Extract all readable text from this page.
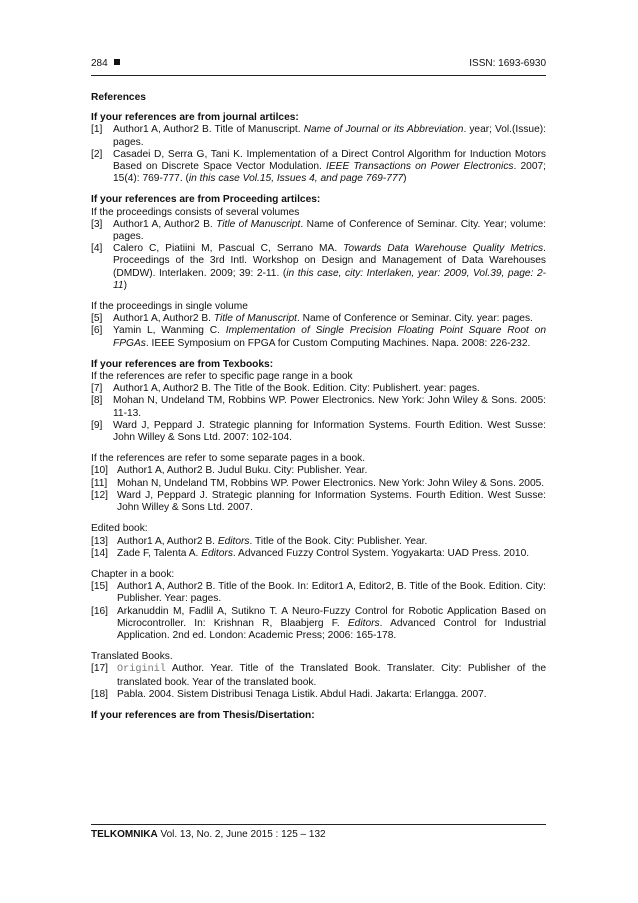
284	ISSN: 1693-6930

References

If your references are from journal artilces:

[1] Author1 A, Author2 B. Title of Manuscript. Name of Journal or its Abbreviation. year; Vol.(Issue): pages.

[2] Casadei D, Serra G, Tani K. Implementation of a Direct Control Algorithm for Induction Motors Based on Discrete Space Vector Modulation. IEEE Transactions on Power Electronics. 2007; 15(4): 769-777. (in this case Vol.15, Issues 4, and page 769-777)

If your references are from Proceeding artilces:

If the proceedings consists of several volumes

[3] Author1 A, Author2 B. Title of Manuscript. Name of Conference of Seminar. City. Year; volume: pages.

[4] Calero C, Piatiini M, Pascual C, Serrano MA. Towards Data Warehouse Quality Metrics. Proceedings of the 3rd Intl. Workshop on Design and Management of Data Warehouses (DMDW). Interlaken. 2009; 39: 2-11. (in this case, city: Interlaken, year: 2009, Vol.39, page: 2-11)

If the proceedings in single volume

[5] Author1 A, Author2 B. Title of Manuscript. Name of Conference or Seminar. City. year: pages.

[6] Yamin L, Wanming C. Implementation of Single Precision Floating Point Square Root on FPGAs. IEEE Symposium on FPGA for Custom Computing Machines. Napa. 2008: 226-232.

If your references are from Texbooks:

If the references are refer to specific page range in a book

[7] Author1 A, Author2 B. The Title of the Book. Edition. City: Publishert. year: pages.

[8] Mohan N, Undeland TM, Robbins WP. Power Electronics. New York: John Wiley & Sons. 2005: 11-13.

[9] Ward J, Peppard J. Strategic planning for Information Systems. Fourth Edition. West Susse: John Willey & Sons Ltd. 2007: 102-104.

If the references are refer to some separate pages in a book.

[10] Author1 A, Author2 B. Judul Buku. City: Publisher. Year.

[11] Mohan N, Undeland TM, Robbins WP. Power Electronics. New York: John Wiley & Sons. 2005.

[12] Ward J, Peppard J. Strategic planning for Information Systems. Fourth Edition. West Susse: John Willey & Sons Ltd. 2007.

Edited book:

[13] Author1 A, Author2 B. Editors. Title of the Book. City: Publisher. Year.

[14] Zade F, Talenta A. Editors. Advanced Fuzzy Control System. Yogyakarta: UAD Press. 2010.

Chapter in a book:

[15] Author1 A, Author2 B. Title of the Book. In: Editor1 A, Editor2, B. Title of the Book. Edition. City: Publisher. Year: pages.

[16] Arkanuddin M, Fadlil A, Sutikno T. A Neuro-Fuzzy Control for Robotic Application Based on Microcontroller. In: Krishnan R, Blaabjerg F. Editors. Advanced Control for Industrial Application. 2nd ed. London: Academic Press; 2006: 165-178.

Translated Books.

[17] Originil Author. Year. Title of the Translated Book. Translater. City: Publisher of the translated book. Year of the translated book.

[18] Pabla. 2004. Sistem Distribusi Tenaga Listik. Abdul Hadi. Jakarta: Erlangga. 2007.

If your references are from Thesis/Disertation:

TELKOMNIKA Vol. 13, No. 2, June 2015 : 125 – 132
